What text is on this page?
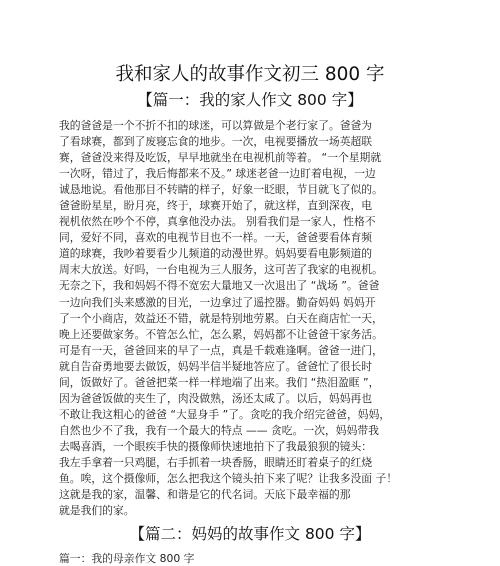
我和家人的故事作文初三 800 字
【篇一：我的家人作文 800 字】
我的爸爸是一个不折不扣的球迷，可以算做是个老行家了。爸爸为
了看球赛，都到了废寝忘食的地步。一次，电视要播放一场英超联
赛，爸爸没来得及吃饭，早早地就坐在电视机前等着。 “一个星期就
一次呀，错过了，我后悔都来不及。” 球迷老爸一边盯着电视，一边
诚恳地说。看他那目不转睛的样子，好象一眨眼，节目就飞了似的。
爸爸盼星星，盼月亮，终于，球赛开始了，就这样，直到深夜，电
视机依然在吵个不停，真拿他没办法。 别看我们是一家人，性格不
同，爱好不同，喜欢的电视节目也不一样。一天，爸爸要看体育频
道的球赛，我吵着要看少儿频道的动漫世界。妈妈要看电影频道的
周末大放送。好吗，一台电视为三人服务，这可苦了我家的电视机。
无奈之下，我和妈妈不得不宽宏大量地又一次退出了 “战场 ”。爸爸
一边向我们头来感激的目光，一边拿过了遥控器。勤奋妈妈 妈妈开
了一个小商店，效益还不错，就是特别地劳累。白天在商店忙一天，
晚上还要做家务。不管怎么忙，怎么累，妈妈都不让爸爸干家务活。
可是有一天，爸爸回来的早了一点，真是千载难逢啊。爸爸一进门，
就自告奋勇地要去做饭，妈妈半信半疑地答应了。爸爸忙了很长时
间，饭做好了。爸爸把菜一样一样地端了出来。我们 “热泪盈眶 ”，
因为爸爸饭做的夹生了，肉没做熟，汤还太咸了。以后，妈妈再也
不敢让我这粗心的爸爸 “大显身手 ”了。贪吃的我介绍完爸爸，妈妈，
自然也少不了我，我有一个最大的特点 —— 贪吃。一次，妈妈带我
去喝喜酒，一个眼疾手快的摄像师快速地拍下了我最狼狈的镜头：
我左手拿着一只鸡腿，右手抓着一块香肠，眼睛还盯着桌子的红烧
鱼。唉，这个摄像师，怎么把我这个镜头拍下来了呢？让我多没面 子！
这就是我的家，温馨、和谐是它的代名词。天底下最幸福的那
就是我们的家。
【篇二：妈妈的故事作文 800 字】
篇一：我的母亲作文 800 字
